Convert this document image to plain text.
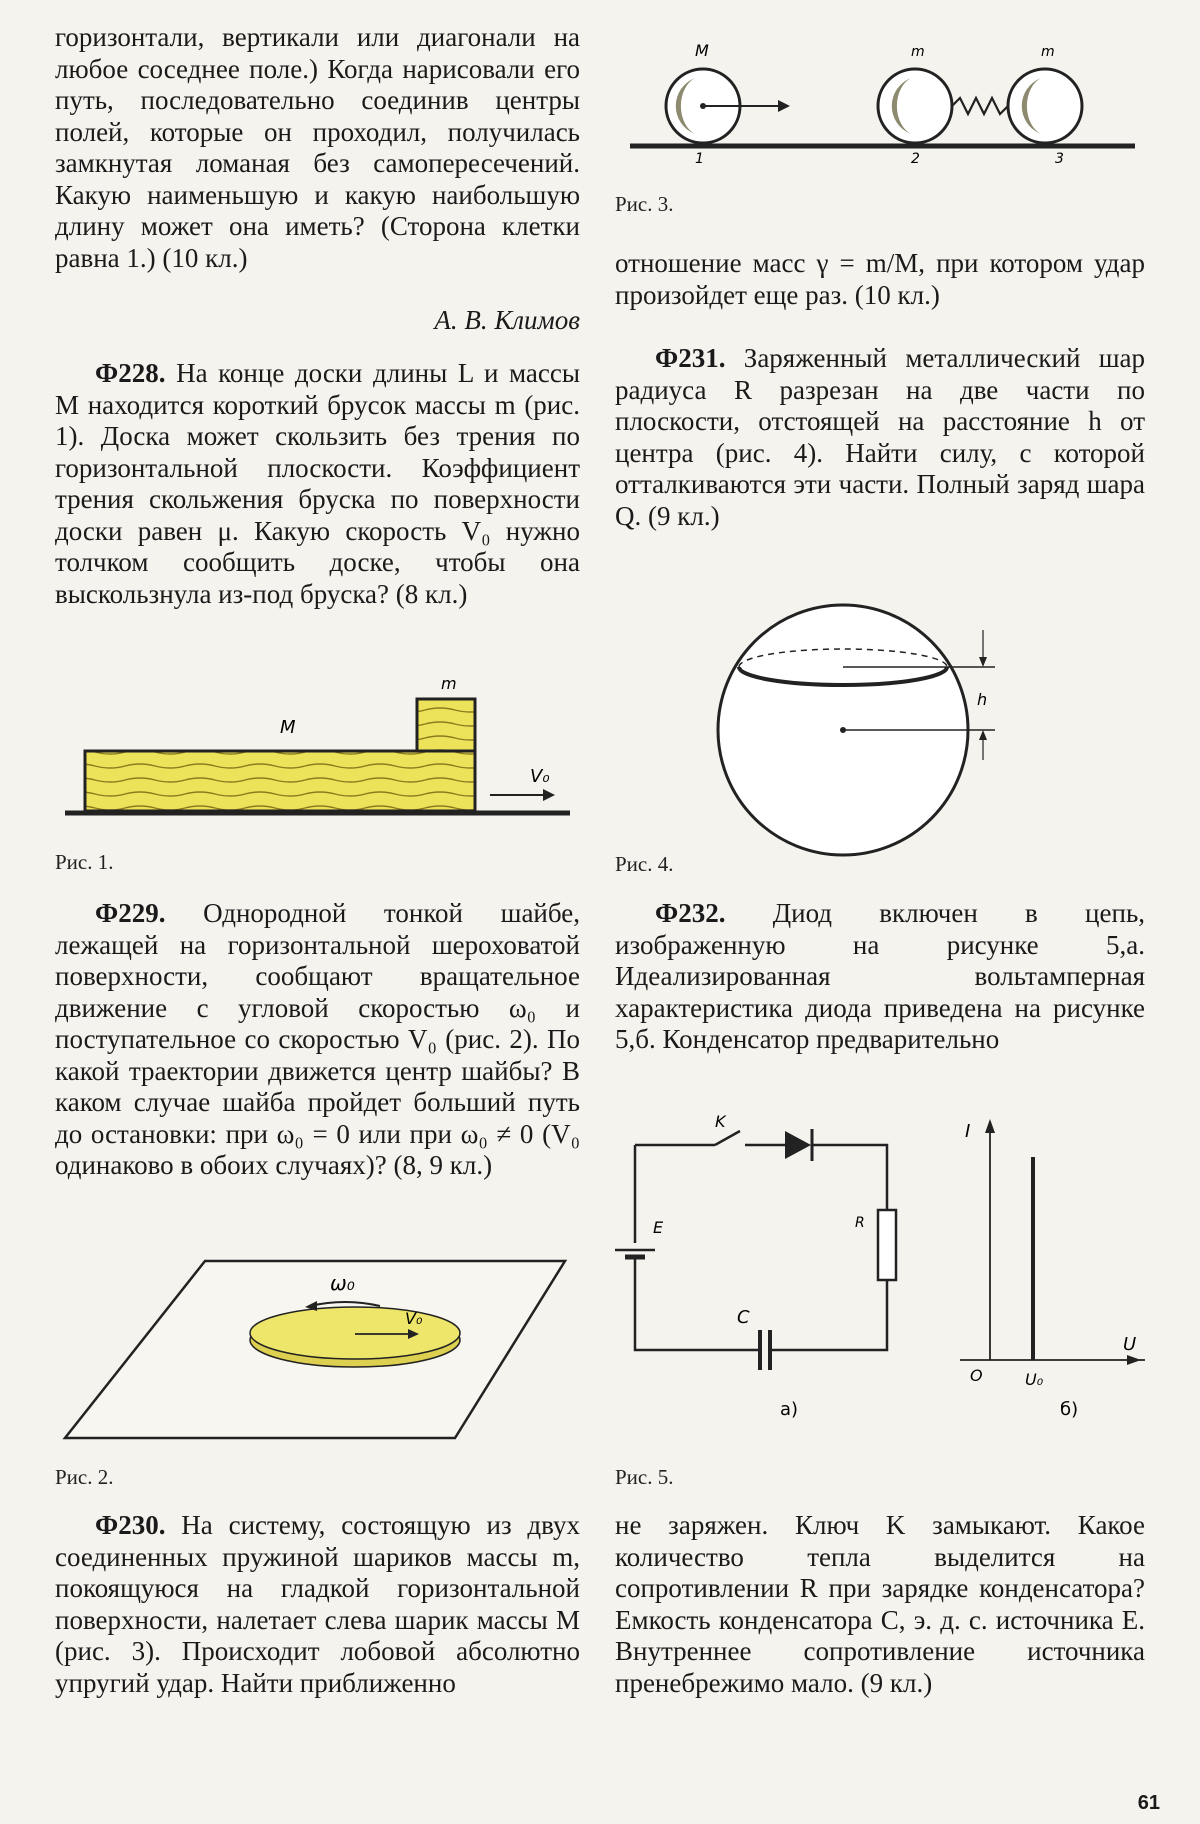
горизонтали, вертикали или диагонали на любое соседнее поле.) Когда нарисовали его путь, последовательно соединив центры полей, которые он проходил, получилась замкнутая ломаная без самопересечений. Какую наименьшую и какую наибольшую длину может она иметь? (Сторона клетки равна 1.) (10 кл.)

А. В. Климов

Ф228. На конце доски длины L и массы M находится короткий брусок массы m (рис. 1). Доска может скользить без трения по горизонтальной плоскости. Коэффициент трения скольжения бруска по поверхности доски равен μ. Какую скорость V₀ нужно толчком сообщить доске, чтобы она выскользнула из-под бруска? (8 кл.)

M
m
V₀
Рис. 1.

Ф229. Однородной тонкой шайбе, лежащей на горизонтальной шероховатой поверхности, сообщают вращательное движение с угловой скоростью ω₀ и поступательное со скоростью V₀ (рис. 2). По какой траектории движется центр шайбы? В каком случае шайба пройдет больший путь до остановки: при ω₀ = 0 или при ω₀ ≠ 0 (V₀ одинаково в обоих случаях)? (8, 9 кл.)

ω₀
V₀
Рис. 2.

Ф230. На систему, состоящую из двух соединенных пружиной шариков массы m, покоящуюся на гладкой горизонтальной поверхности, налетает слева шарик массы M (рис. 3). Происходит лобовой абсолютно упругий удар. Найти приближенно

M	m	m
1	2	3
Рис. 3.

отношение масс γ = m/M, при котором удар произойдет еще раз. (10 кл.)

Ф231. Заряженный металлический шар радиуса R разрезан на две части по плоскости, отстоящей на расстояние h от центра (рис. 4). Найти силу, с которой отталкиваются эти части. Полный заряд шара Q. (9 кл.)

h
Рис. 4.

Ф232. Диод включен в цепь, изображенную на рисунке 5,а. Идеализированная вольтамперная характеристика диода приведена на рисунке 5,б. Конденсатор предварительно

K
E	R
C
а)
I
U
O	U₀
б)
Рис. 5.

не заряжен. Ключ K замыкают. Какое количество тепла выделится на сопротивлении R при зарядке конденсатора? Емкость конденсатора C, э. д. с. источника E. Внутреннее сопротивление источника пренебрежимо мало. (9 кл.)

61
